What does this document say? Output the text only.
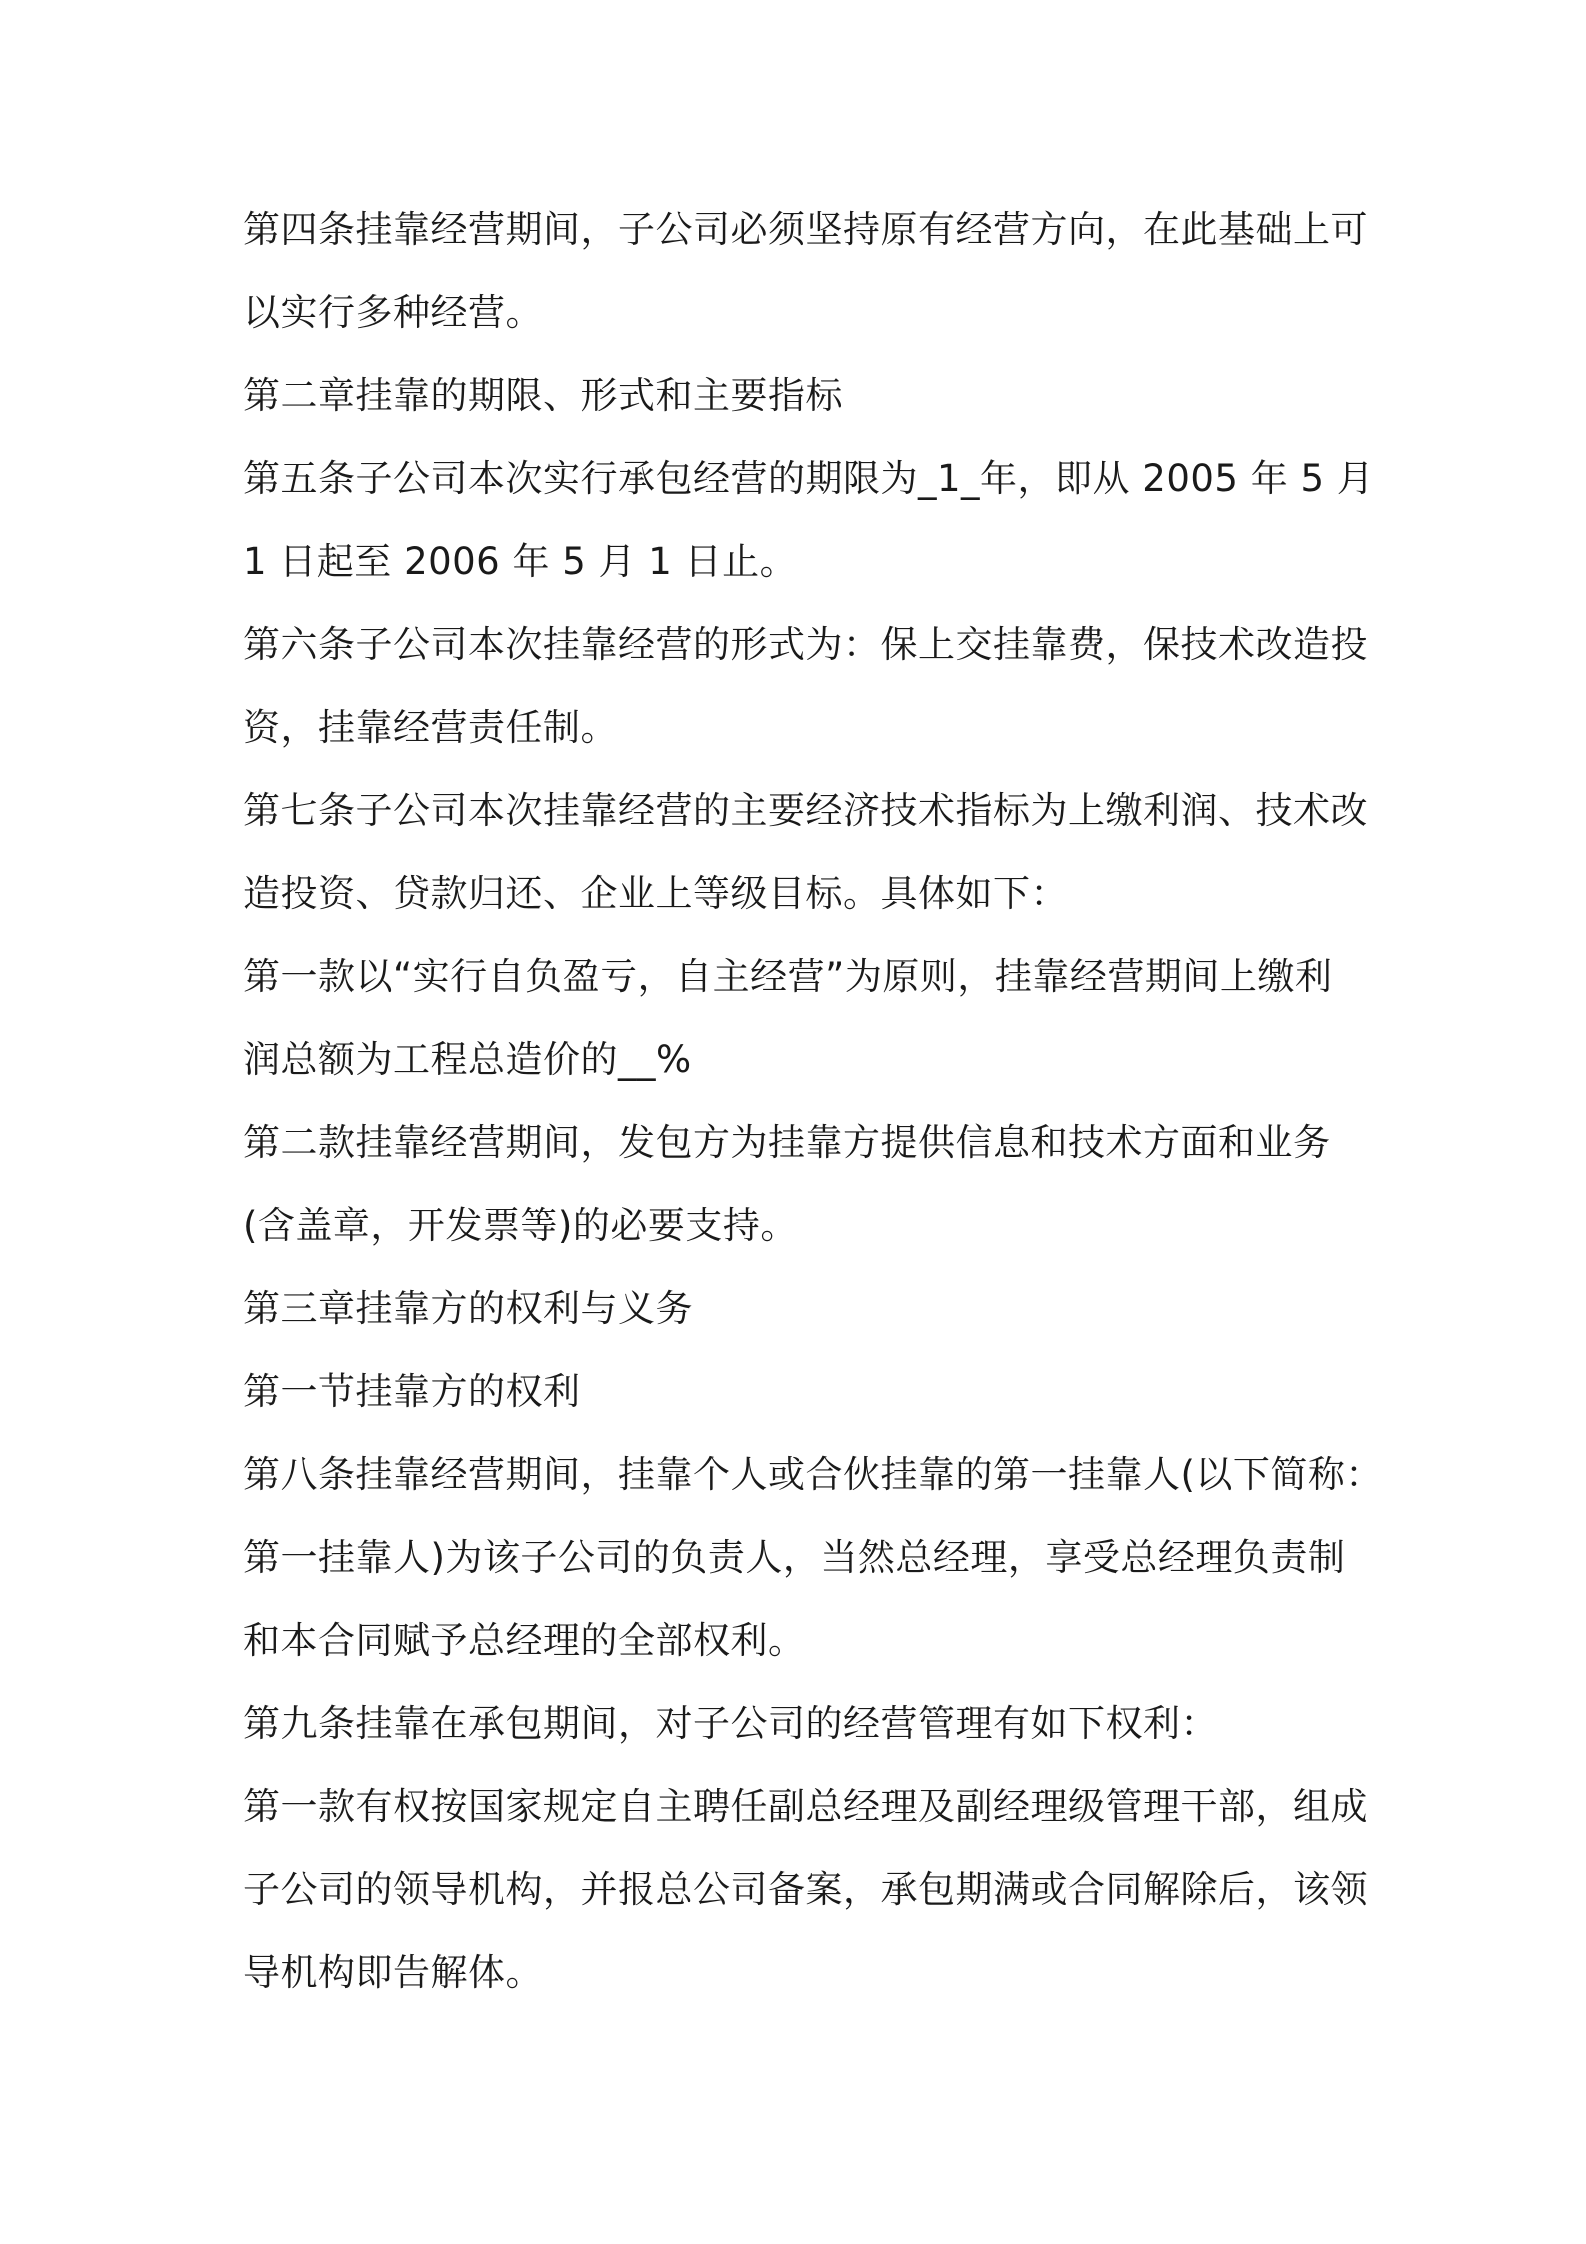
第四条挂靠经营期间，子公司必须坚持原有经营方向，在此基础上可
以实行多种经营。
第二章挂靠的期限、形式和主要指标
第五条子公司本次实行承包经营的期限为_1_年，即从 2005 年 5 月
1 日起至 2006 年 5 月 1 日止。
第六条子公司本次挂靠经营的形式为：保上交挂靠费，保技术改造投
资，挂靠经营责任制。
第七条子公司本次挂靠经营的主要经济技术指标为上缴利润、技术改
造投资、贷款归还、企业上等级目标。具体如下：
第一款以“实行自负盈亏，自主经营”为原则，挂靠经营期间上缴利
润总额为工程总造价的__%
第二款挂靠经营期间，发包方为挂靠方提供信息和技术方面和业务
(含盖章，开发票等)的必要支持。
第三章挂靠方的权利与义务
第一节挂靠方的权利
第八条挂靠经营期间，挂靠个人或合伙挂靠的第一挂靠人(以下简称：
第一挂靠人)为该子公司的负责人，当然总经理，享受总经理负责制
和本合同赋予总经理的全部权利。
第九条挂靠在承包期间，对子公司的经营管理有如下权利：
第一款有权按国家规定自主聘任副总经理及副经理级管理干部，组成
子公司的领导机构，并报总公司备案，承包期满或合同解除后，该领
导机构即告解体。
